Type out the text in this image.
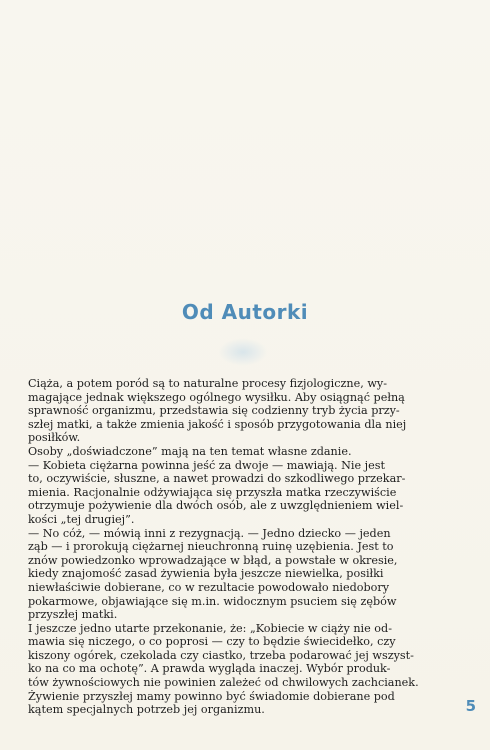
Od Autorki
Ciąża, a potem poród są to naturalne procesy fizjologiczne, wy-
magające jednak większego ogólnego wysiłku. Aby osiągnąć pełną
sprawność organizmu, przedstawia się codzienny tryb życia przy-
szłej matki, a także zmienia jakość i sposób przygotowania dla niej
posiłków.
Osoby „doświadczone” mają na ten temat własne zdanie.
— Kobieta ciężarna powinna jeść za dwoje — mawiają. Nie jest
to, oczywiście, słuszne, a nawet prowadzi do szkodliwego przekar-
mienia. Racjonalnie odżywiająca się przyszła matka rzeczywiście
otrzymuje pożywienie dla dwóch osób, ale z uwzględnieniem wiel-
kości „tej drugiej”.
— No cóż, — mówią inni z rezygnacją. — Jedno dziecko — jeden
ząb — i prorokują ciężarnej nieuchronną ruinę uzębienia. Jest to
znów powiedzonko wprowadzające w błąd, a powstałe w okresie,
kiedy znajomość zasad żywienia była jeszcze niewielka, posiłki
niewłaściwie dobierane, co w rezultacie powodowało niedobory
pokarmowe, objawiające się m.in. widocznym psuciem się zębów
przyszłej matki.
I jeszcze jedno utarte przekonanie, że: „Kobiecie w ciąży nie od-
mawia się niczego, o co poprosi — czy to będzie świecidełko, czy
kiszony ogórek, czekolada czy ciastko, trzeba podarować jej wszyst-
ko na co ma ochotę”. A prawda wygląda inaczej. Wybór produk-
tów żywnościowych nie powinien zależeć od chwilowych zachcianek.
Żywienie przyszłej mamy powinno być świadomie dobierane pod
kątem specjalnych potrzeb jej organizmu.	5
